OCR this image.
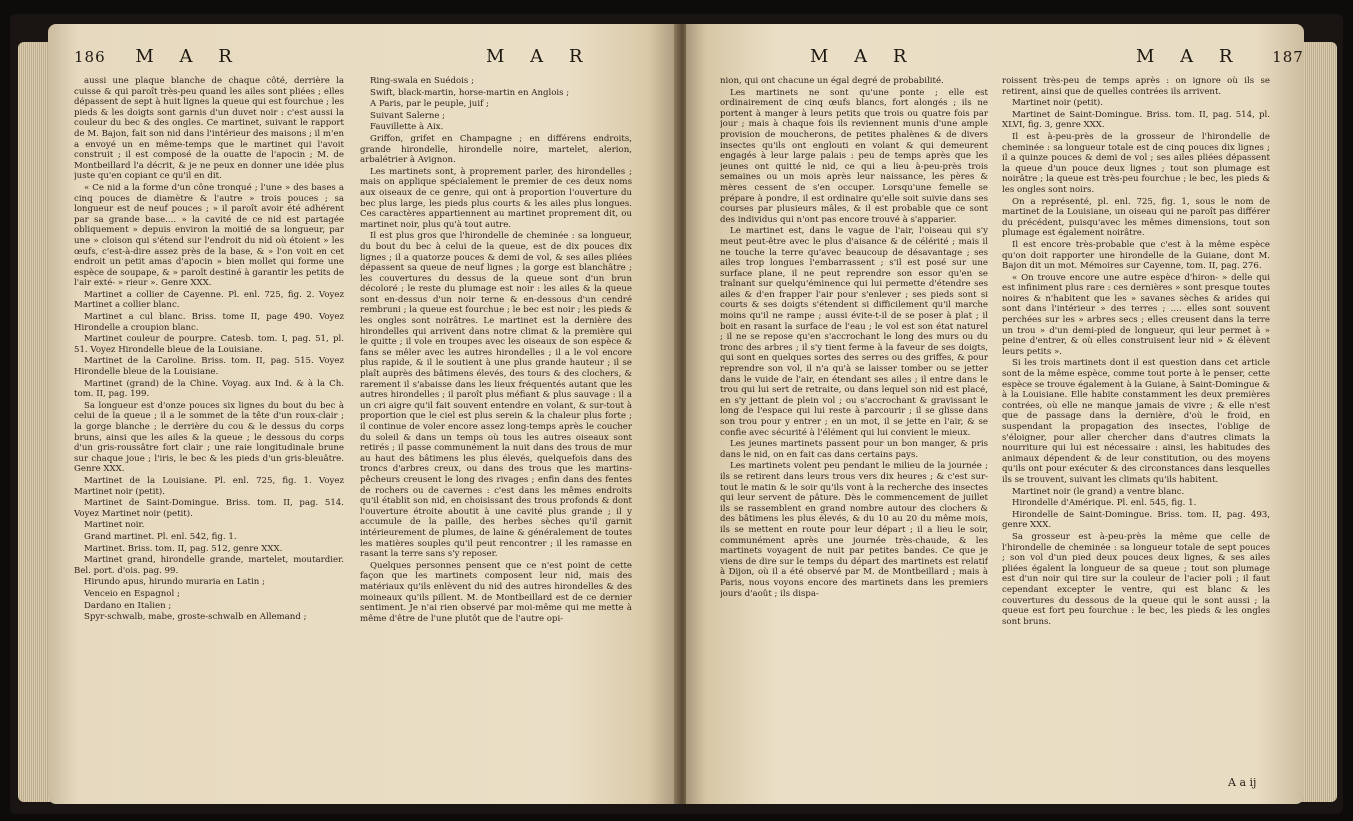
186 M A R	M A R

aussi une plaque blanche de chaque côté, derrière la cuisse & qui paroît très-peu quand les ailes sont pliées ; elles dépassent de sept à huit lignes la queue qui est fourchue ; les pieds & les doigts sont garnis d'un duvet noir : c'est aussi la couleur du bec & des ongles. Ce martinet, suivant le rapport de M. Bajon, fait son nid dans l'intérieur des maisons ; il m'en a envoyé un en même-temps que le martinet qui l'avoit construit ; il est composé de la ouatte de l'apocin ; M. de Montbeillard l'a décrit, & je ne peux en donner une idée plus juste qu'en copiant ce qu'il en dit.

« Ce nid a la forme d'un cône tronqué ; l'une » des bases a cinq pouces de diamètre & l'autre » trois pouces ; sa longueur est de neuf pouces ; » il paroît avoir été adhérent par sa grande base.... » la cavité de ce nid est partagée obliquement » depuis environ la moitié de sa longueur, par une » cloison qui s'étend sur l'endroit du nid où étoient » les œufs, c'est-à-dire assez près de la base, & » l'on voit en cet endroit un petit amas d'apocin » bien mollet qui forme une espèce de soupape, & » paroît destiné à garantir les petits de l'air exté- » rieur ». Genre XXX.

Martinet a collier de Cayenne. Pl. enl. 725, fig. 2. Voyez Martinet a collier blanc.

Martinet a cul blanc. Briss. tome II, page 490. Voyez Hirondelle a croupion blanc.

Martinet couleur de pourpre. Catesb. tom. I, pag. 51, pl. 51. Voyez Hirondelle bleue de la Louisiane.

Martinet de la Caroline. Briss. tom. II, pag. 515. Voyez Hirondelle bleue de la Louisiane.

Martinet (grand) de la Chine. Voyag. aux Ind. & à la Ch. tom. II, pag. 199.

Sa longueur est d'onze pouces six lignes du bout du bec à celui de la queue ; il a le sommet de la tête d'un roux-clair ; la gorge blanche ; le derrière du cou & le dessus du corps bruns, ainsi que les ailes & la queue ; le dessous du corps d'un gris-roussâtre fort clair ; une raie longitudinale brune sur chaque joue ; l'iris, le bec & les pieds d'un gris-bleuâtre. Genre XXX.

Martinet de la Louisiane. Pl. enl. 725, fig. 1. Voyez Martinet noir (petit).

Martinet de Saint-Domingue. Briss. tom. II, pag. 514. Voyez Martinet noir (petit).

Martinet noir.

Grand martinet. Pl. enl. 542, fig. 1.

Martinet. Briss. tom. II, pag. 512, genre XXX.

Martinet grand, hirondelle grande, martelet, moutardier. Bel. port. d'ois. pag. 99.

Hirundo apus, hirundo muraria en Latin ;

Venceio en Espagnol ;

Dardano en Italien ;

Spyr-schwalb, mabe, groste-schwalb en Allemand ;

Ring-swala en Suédois ;

Swift, black-martin, horse-martin en Anglois ;

A Paris, par le peuple, juif ;

Suivant Salerne ;

Fauvillette à Aix.

Griffon, grifet en Champagne ; en différens endroits, grande hirondelle, hirondelle noire, martelet, alerion, arbalétrier à Avignon.

Les martinets sont, à proprement parler, des hirondelles ; mais on applique spécialement le premier de ces deux noms aux oiseaux de ce genre, qui ont à proportion l'ouverture du bec plus large, les pieds plus courts & les ailes plus longues. Ces caractères appartiennent au martinet proprement dit, ou martinet noir, plus qu'à tout autre.

Il est plus gros que l'hirondelle de cheminée : sa longueur, du bout du bec à celui de la queue, est de dix pouces dix lignes ; il a quatorze pouces & demi de vol, & ses ailes pliées dépassent sa queue de neuf lignes ; la gorge est blanchâtre ; les couvertures du dessus de la queue sont d'un brun décoloré ; le reste du plumage est noir : les ailes & la queue sont en-dessus d'un noir terne & en-dessous d'un cendré rembruni ; la queue est fourchue ; le bec est noir ; les pieds & les ongles sont noirâtres. Le martinet est la dernière des hirondelles qui arrivent dans notre climat & la première qui le quitte ; il vole en troupes avec les oiseaux de son espèce & fans se mêler avec les autres hirondelles ; il a le vol encore plus rapide, & il le soutient à une plus grande hauteur ; il se plaît auprès des bâtimens élevés, des tours & des clochers, & rarement il s'abaisse dans les lieux fréquentés autant que les autres hirondelles ; il paroît plus méfiant & plus sauvage : il a un cri aigre qu'il fait souvent entendre en volant, & sur-tout à proportion que le ciel est plus serein & la chaleur plus forte ; il continue de voler encore assez long-temps après le coucher du soleil & dans un temps où tous les autres oiseaux sont retirés ; il passe communément la nuit dans des trous de mur au haut des bâtimens les plus élevés, quelquefois dans des troncs d'arbres creux, ou dans des trous que les martins-pêcheurs creusent le long des rivages ; enfin dans des fentes de rochers ou de cavernes : c'est dans les mêmes endroits qu'il établit son nid, en choisissant des trous profonds & dont l'ouverture étroite aboutit à une cavité plus grande ; il y accumule de la paille, des herbes sèches qu'il garnit intérieurement de plumes, de laine & généralement de toutes les matières souples qu'il peut rencontrer ; il les ramasse en rasant la terre sans s'y reposer.

Quelques personnes pensent que ce n'est point de cette façon que les martinets composent leur nid, mais des matériaux qu'ils enlèvent du nid des autres hirondelles & des moineaux qu'ils pillent. M. de Montbeillard est de ce dernier sentiment. Je n'ai rien observé par moi-même qui me mette à même d'être de l'une plutôt que de l'autre opi-

M A R	M A R 187

nion, qui ont chacune un égal degré de probabilité.

Les martinets ne sont qu'une ponte ; elle est ordinairement de cinq œufs blancs, fort alongés ; ils ne portent à manger à leurs petits que trois ou quatre fois par jour ; mais à chaque fois ils reviennent munis d'une ample provision de moucherons, de petites phalènes & de divers insectes qu'ils ont englouti en volant & qui demeurent engagés à leur large palais : peu de temps après que les jeunes ont quitté le nid, ce qui a lieu à-peu-près trois semaines ou un mois après leur naissance, les pères & mères cessent de s'en occuper. Lorsqu'une femelle se prépare à pondre, il est ordinaire qu'elle soit suivie dans ses courses par plusieurs mâles, & il est probable que ce sont des individus qui n'ont pas encore trouvé à s'apparier.

Le martinet est, dans le vague de l'air, l'oiseau qui s'y meut peut-être avec le plus d'aisance & de célérité ; mais il ne touche la terre qu'avec beaucoup de désavantage ; ses ailes trop longues l'embarrassent ; s'il est posé sur une surface plane, il ne peut reprendre son essor qu'en se traînant sur quelqu'éminence qui lui permette d'étendre ses ailes & d'en frapper l'air pour s'enlever ; ses pieds sont si courts & ses doigts s'étendent si difficilement qu'il marche moins qu'il ne rampe ; aussi évite-t-il de se poser à plat ; il boit en rasant la surface de l'eau ; le vol est son état naturel ; il ne se repose qu'en s'accrochant le long des murs ou du tronc des arbres ; il s'y tient ferme à la faveur de ses doigts, qui sont en quelques sortes des serres ou des griffes, & pour reprendre son vol, il n'a qu'à se laisser tomber ou se jetter dans le vuide de l'air, en étendant ses ailes ; il entre dans le trou qui lui sert de retraite, ou dans lequel son nid est placé, en s'y jettant de plein vol ; ou s'accrochant & gravissant le long de l'espace qui lui reste à parcourir ; il se glisse dans son trou pour y entrer ; en un mot, il se jette en l'air, & se confie avec sécurité à l'élément qui lui convient le mieux.

Les jeunes martinets passent pour un bon manger, & pris dans le nid, on en fait cas dans certains pays.

Les martinets volent peu pendant le milieu de la journée ; ils se retirent dans leurs trous vers dix heures ; & c'est sur-tout le matin & le soir qu'ils vont à la recherche des insectes qui leur servent de pâture. Dès le commencement de juillet ils se rassemblent en grand nombre autour des clochers & des bâtimens les plus élevés, & du 10 au 20 du même mois, ils se mettent en route pour leur départ ; il a lieu le soir, communément après une journée très-chaude, & les martinets voyagent de nuit par petites bandes. Ce que je viens de dire sur le temps du départ des martinets est relatif à Dijon, où il a été observé par M. de Montbeillard ; mais à Paris, nous voyons encore des martinets dans les premiers jours d'août ; ils dispa-

roissent très-peu de temps après : on ignore où ils se retirent, ainsi que de quelles contrées ils arrivent.

Martinet noir (petit).

Martinet de Saint-Domingue. Briss. tom. II, pag. 514, pl. XLVI, fig. 3, genre XXX.

Il est à-peu-près de la grosseur de l'hirondelle de cheminée : sa longueur totale est de cinq pouces dix lignes ; il a quinze pouces & demi de vol ; ses ailes pliées dépassent la queue d'un pouce deux lignes ; tout son plumage est noirâtre ; la queue est très-peu fourchue ; le bec, les pieds & les ongles sont noirs.

On a représenté, pl. enl. 725, fig. 1, sous le nom de martinet de la Louisiane, un oiseau qui ne paroît pas différer du précédent, puisqu'avec les mêmes dimensions, tout son plumage est également noirâtre.

Il est encore très-probable que c'est à la même espèce qu'on doit rapporter une hirondelle de la Guiane, dont M. Bajon dit un mot. Mémoires sur Cayenne, tom. II, pag. 276.

« On trouve encore une autre espèce d'hiron- » delle qui est infiniment plus rare : ces dernières » sont presque toutes noires & n'habitent que les » savanes sèches & arides qui sont dans l'intérieur » des terres ; .... elles sont souvent perchées sur les » arbres secs ; elles creusent dans la terre un trou » d'un demi-pied de longueur, qui leur permet à » peine d'entrer, & où elles construisent leur nid » & élèvent leurs petits ».

Si les trois martinets dont il est question dans cet article sont de la même espèce, comme tout porte à le penser, cette espèce se trouve également à la Guiane, à Saint-Domingue & à la Louisiane. Elle habite constamment les deux premières contrées, où elle ne manque jamais de vivre ; & elle n'est que de passage dans la dernière, d'où le froid, en suspendant la propagation des insectes, l'oblige de s'éloigner, pour aller chercher dans d'autres climats la nourriture qui lui est nécessaire : ainsi, les habitudes des animaux dépendent & de leur constitution, ou des moyens qu'ils ont pour exécuter & des circonstances dans lesquelles ils se trouvent, suivant les climats qu'ils habitent.

Martinet noir (le grand) a ventre blanc.

Hirondelle d'Amérique. Pl. enl. 545, fig. 1.

Hirondelle de Saint-Domingue. Briss. tom. II, pag. 493, genre XXX.

Sa grosseur est à-peu-près la même que celle de l'hirondelle de cheminée : sa longueur totale de sept pouces ; son vol d'un pied deux pouces deux lignes, & ses ailes pliées égalent la longueur de sa queue ; tout son plumage est d'un noir qui tire sur la couleur de l'acier poli ; il faut cependant excepter le ventre, qui est blanc & les couvertures du dessous de la queue qui le sont aussi ; la queue est fort peu fourchue : le bec, les pieds & les ongles sont bruns.

A a ij
